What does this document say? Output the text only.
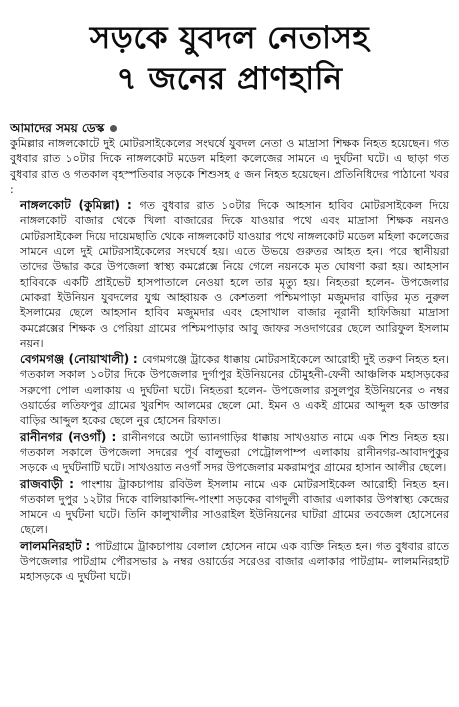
সড়কে যুবদল নেতাসহ
৭ জনের প্রাণহানি
আমাদের সময় ডেস্ক

কুমিল্লার নাঙ্গলকোটে দুই মোটরসাইকেলের সংঘর্ষে যুবদল নেতা ও মাদ্রাসা শিক্ষক নিহত হয়েছেন। গত বুধবার রাত ১০টার দিকে নাঙ্গলকোট মডেল মহিলা কলেজের সামনে এ দুর্ঘটনা ঘটে। এ ছাড়া গত বুধবার রাত ও গতকাল বৃহস্পতিবার সড়কে শিশুসহ ৫ জন নিহত হয়েছেন। প্রতিনিধিদের পাঠানো খবর :

নাঙ্গলকোট (কুমিল্লা) : গত বুধবার রাত ১০টার দিকে আহসান হাবিব মোটরসাইকেল দিয়ে নাঙ্গলকোট বাজার থেকে খিলা বাজারের দিকে যাওয়ার পথে এবং মাদ্রাসা শিক্ষক নয়নও মোটরসাইকেল দিয়ে দায়েমছাতি থেকে নাঙ্গলকোট যাওয়ার পথে নাঙ্গলকোট মডেল মহিলা কলেজের সামনে এলে দুই মোটরসাইকেলের সংঘর্ষে হয়। এতে উভয়ে গুরুতর আহত হন। পরে স্থানীয়রা তাদের উদ্ধার করে উপজেলা স্বাস্থ্য কমপ্লেক্সে নিয়ে গেলে নয়নকে মৃত ঘোষণা করা হয়। আহসান হাবিবকে একটি প্রাইভেট হাসপাতালে নেওয়া হলে তার মৃত্যু হয়। নিহতরা হলেন- উপজেলার মোকরা ইউনিয়ন যুবদলের যুগ্ম আহ্বায়ক ও কেশতলা পশ্চিমপাড়া মজুমদার বাড়ির মৃত নুরুল ইসলামের ছেলে আহসান হাবিব মজুমদার এবং হেসাখাল বাজার নূরানী হাফিজিয়া মাদ্রাসা কমপ্লেক্সের শিক্ষক ও পেরিয়া গ্রামের পশ্চিমপাড়ার আবু জাফর সওদাগরের ছেলে আরিফুল ইসলাম নয়ন।

বেগমগঞ্জ (নোয়াখালী) : বেগমগঞ্জে ট্রাকের ধাক্কায় মোটরসাইকেলে আরোহী দুই তরুণ নিহত হন। গতকাল সকাল ১০টার দিকে উপজেলার দুর্গাপুর ইউনিয়নের চৌমুহনী-ফেনী আঞ্চলিক মহাসড়কের সরুপো পোল এলাকায় এ দুর্ঘটনা ঘটে। নিহতরা হলেন- উপজেলার রসুলপুর ইউনিয়নের ৩ নম্বর ওয়ার্ডের লতিফপুর গ্রামের খুরশিদ আলমের ছেলে মো. ইমন ও একই গ্রামের আব্দুল হক ডাক্তার বাড়ির আব্দুল হকের ছেলে নুর হোসেন রিফাত।

রানীনগর (নওগাঁ) : রানীনগরে অটো ভ্যানগাড়ির ধাক্কায় সাখওয়াত নামে এক শিশু নিহত হয়। গতকাল সকালে উপজেলা সদরের পূর্ব বালুভরা পেট্রোলপাম্প এলাকায় রানীনগর-আবাদপুকুর সড়কে এ দুর্ঘটনাটি ঘটে। সাখওয়াত নওগাঁ সদর উপজেলার মকরামপুর গ্রামের হাসান আলীর ছেলে।

রাজবাড়ী : পাংশায় ট্রাকচাপায় রবিউল ইসলাম নামে এক মোটরসাইকেল আরোহী নিহত হন। গতকাল দুপুর ১২টার দিকে বালিয়াকান্দি-পাংশা সড়কের বাগদুলী বাজার এলাকার উপস্বাস্থ্য কেন্দ্রের সামনে এ দুর্ঘটনা ঘটে। তিনি কালুখালীর সাওরাইল ইউনিয়নের ঘাটরা গ্রামের তবজেল হোসেনের ছেলে।

লালমনিরহাট : পাটগ্রামে ট্রাকচাপায় বেলাল হোসেন নামে এক ব্যক্তি নিহত হন। গত বুধবার রাতে উপজেলার পাটগ্রাম পৌরসভার ৯ নম্বর ওয়ার্ডের সরেওর বাজার এলাকার পাটগ্রাম- লালমনিরহাট মহাসড়কে এ দুর্ঘটনা ঘটে।
